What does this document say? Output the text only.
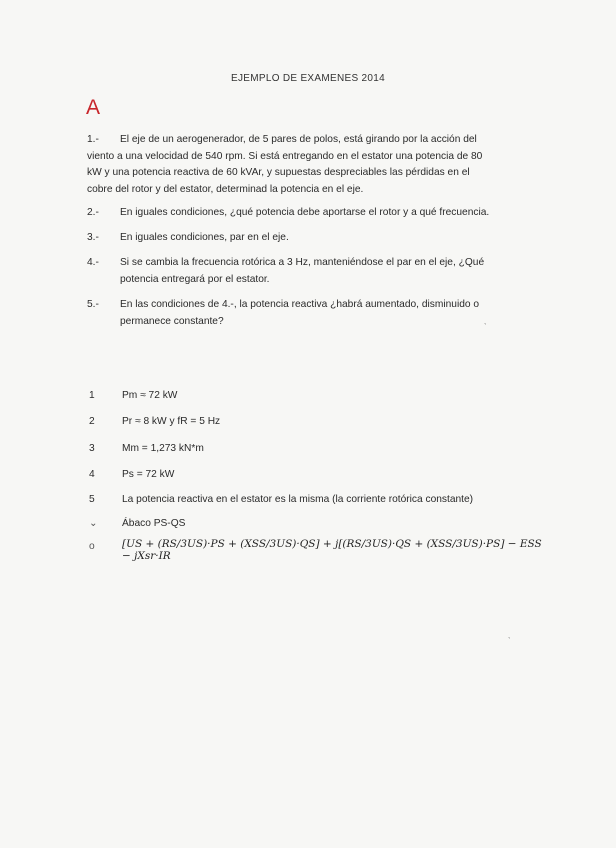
EJEMPLO DE EXAMENES 2014
A
1.-	El eje de un aerogenerador, de 5 pares de polos, está girando por la acción del viento a una velocidad de 540 rpm. Si está entregando en el estator una potencia de 80 kW y una potencia reactiva de 60 kVAr, y supuestas despreciables las pérdidas en el cobre del rotor y del estator, determinad la potencia en el eje.
2.-	En iguales condiciones, ¿qué potencia debe aportarse el rotor y a qué frecuencia.
3.-	En iguales condiciones, par en el eje.
4.-	Si se cambia la frecuencia rotórica a 3 Hz, manteniéndose el par en el eje, ¿Qué potencia entregará por el estator.
5.-	En las condiciones de 4.-, la potencia reactiva ¿habrá aumentado, disminuido o permanece constante?
1	Pm ≈ 72 kW
2	Pr ≈ 8 kW y fR = 5 Hz
3	Mm = 1,273 kN*m
4	Ps = 72 kW
5	La potencia reactiva en el estator es la misma (la corriente rotórica constante)
⌄	Ábaco PS-QS
o	[US + (RS/3US)·PS + (XSS/3US)·QS] + j[(RS/3US)·QS + (XSS/3US)·PS] − ESS − jXsr·IR
ˎ
ˎ
